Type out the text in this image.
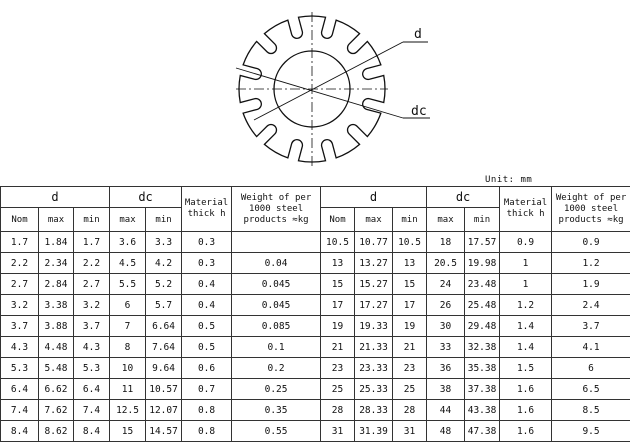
d
dc
Unit: mm
d			dc		Material thick h	Weight of per 1000 steel products ≈kg
Nom	max	min	max	min		
1.7	1.84	1.7	3.6	3.3	0.3	
2.2	2.34	2.2	4.5	4.2	0.3	0.04
2.7	2.84	2.7	5.5	5.2	0.4	0.045
3.2	3.38	3.2	6	5.7	0.4	0.045
3.7	3.88	3.7	7	6.64	0.5	0.085
4.3	4.48	4.3	8	7.64	0.5	0.1
5.3	5.48	5.3	10	9.64	0.6	0.2
6.4	6.62	6.4	11	10.57	0.7	0.25
7.4	7.62	7.4	12.5	12.07	0.8	0.35
8.4	8.62	8.4	15	14.57	0.8	0.55
d			dc		Material thick h	Weight of per 1000 steel products ≈kg
Nom	max	min	max	min		
10.5	10.77	10.5	18	17.57	0.9	0.9
13	13.27	13	20.5	19.98	1	1.2
15	15.27	15	24	23.48	1	1.9
17	17.27	17	26	25.48	1.2	2.4
19	19.33	19	30	29.48	1.4	3.7
21	21.33	21	33	32.38	1.4	4.1
23	23.33	23	36	35.38	1.5	6
25	25.33	25	38	37.38	1.6	6.5
28	28.33	28	44	43.38	1.6	8.5
31	31.39	31	48	47.38	1.6	9.5
